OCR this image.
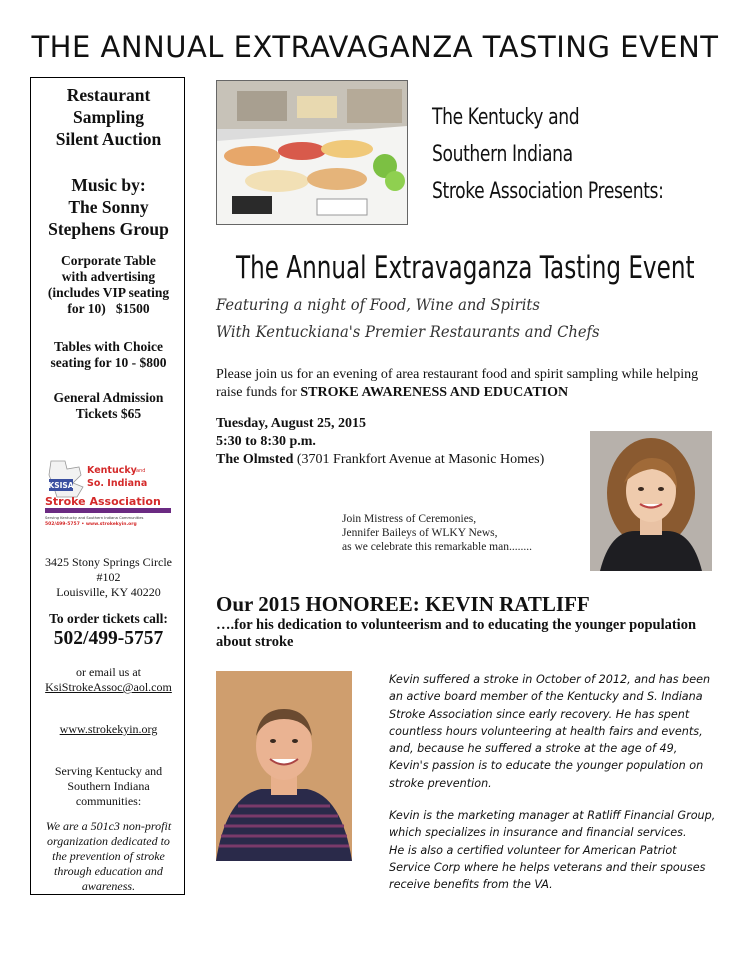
THE ANNUAL EXTRAVAGANZA TASTING EVENT
Restaurant
Sampling
Silent Auction
Music by:
The Sonny
Stephens Group
Corporate Table
with advertising
(includes VIP seating
for 10)   $1500
Tables with Choice
seating for 10 - $800
General Admission
Tickets $65
KSISA
Kentucky and
So. Indiana
Stroke Association
Serving Kentucky and Southern Indiana Communities
502/499-5757 • www.strokekyin.org
3425 Stony Springs Circle
#102
Louisville, KY 40220
To order tickets call:
502/499-5757
or email us at
KsiStrokeAssoc@aol.com
www.strokekyin.org
Serving Kentucky and
Southern Indiana
communities:
We are a 501c3 non-profit
organization dedicated to
the prevention of stroke
through education and
awareness.
The Kentucky and
Southern Indiana
Stroke Association Presents:
The Annual Extravaganza Tasting Event
Featuring a night of Food, Wine and Spirits
With Kentuckiana's Premier Restaurants and Chefs
Please join us for an evening of area restaurant food and spirit sampling while helping raise funds for STROKE AWARENESS AND EDUCATION
Tuesday, August 25, 2015
5:30 to 8:30 p.m.
The Olmsted (3701 Frankfort Avenue at Masonic Homes)
Join Mistress of Ceremonies,
Jennifer Baileys of WLKY News,
as we celebrate this remarkable man........
Our 2015 HONOREE: KEVIN RATLIFF
….for his dedication to volunteerism and to educating the younger population about stroke

Kevin suffered a stroke in October of 2012, and has been an active board member of the Kentucky and S. Indiana Stroke Association since early recovery. He has spent countless hours volunteering at health fairs and events, and, because he suffered a stroke at the age of 49, Kevin's passion is to educate the younger population on stroke prevention.

Kevin is the marketing manager at Ratliff Financial Group, which specializes in insurance and financial services.
He is also a certified volunteer for American Patriot Service Corp where he helps veterans and their spouses receive benefits from the VA.
